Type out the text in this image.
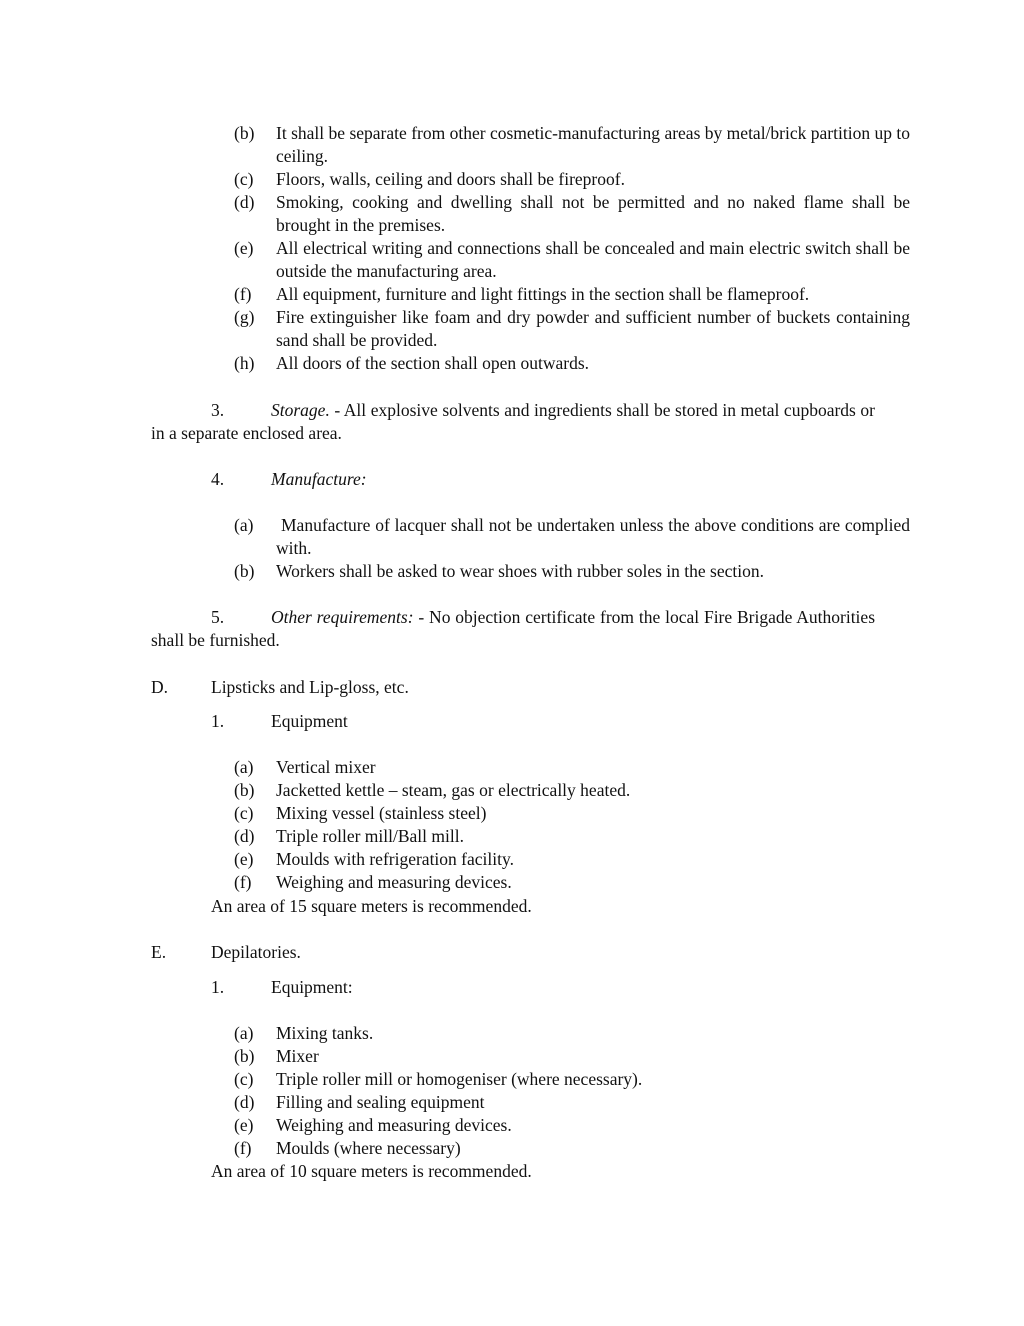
(b) It shall be separate from other cosmetic-manufacturing areas by metal/brick partition up to ceiling.
(c) Floors, walls, ceiling and doors shall be fireproof.
(d) Smoking, cooking and dwelling shall not be permitted and no naked flame shall be brought in the premises.
(e) All electrical writing and connections shall be concealed and main electric switch shall be outside the manufacturing area.
(f) All equipment, furniture and light fittings in the section shall be flameproof.
(g) Fire extinguisher like foam and dry powder and sufficient number of buckets containing sand shall be provided.
(h) All doors of the section shall open outwards.
3.	Storage. - All explosive solvents and ingredients shall be stored in metal cupboards or in a separate enclosed area.
4.	Manufacture:
(a) Manufacture of lacquer shall not be undertaken unless the above conditions are complied with.
(b) Workers shall be asked to wear shoes with rubber soles in the section.
5.	Other requirements: - No objection certificate from the local Fire Brigade Authorities shall be furnished.
D. Lipsticks and Lip-gloss, etc.
1.	Equipment
(a) Vertical mixer
(b) Jacketted kettle – steam, gas or electrically heated.
(c) Mixing vessel (stainless steel)
(d) Triple roller mill/Ball mill.
(e) Moulds with refrigeration facility.
(f) Weighing and measuring devices.
An area of 15 square meters is recommended.
E.	Depilatories.
1.	Equipment:
(a) Mixing tanks.
(b) Mixer
(c) Triple roller mill or homogeniser (where necessary).
(d) Filling and sealing equipment
(e) Weighing and measuring devices.
(f) Moulds (where necessary)
An area of 10 square meters is recommended.
